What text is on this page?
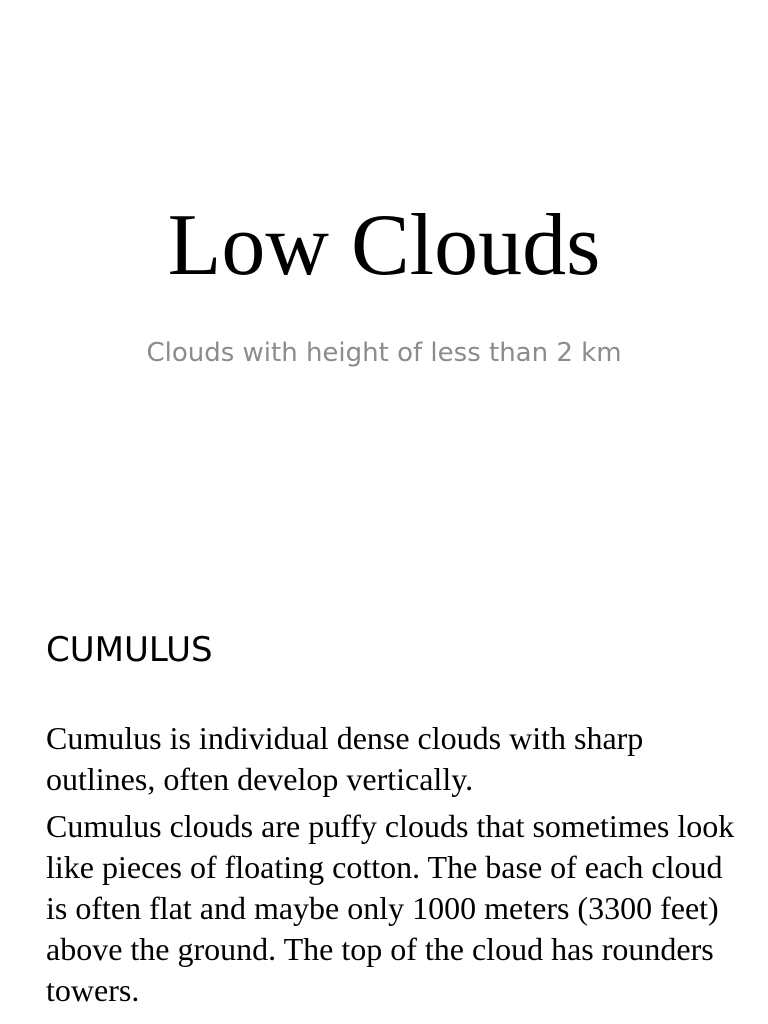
Low Clouds
Clouds with height of less than 2 km
CUMULUS

Cumulus is individual dense clouds with sharp outlines, often develop vertically.

Cumulus clouds are puffy clouds that sometimes look like pieces of floating cotton. The base of each cloud is often flat and maybe only 1000 meters (3300 feet) above the ground. The top of the cloud has rounders towers.
